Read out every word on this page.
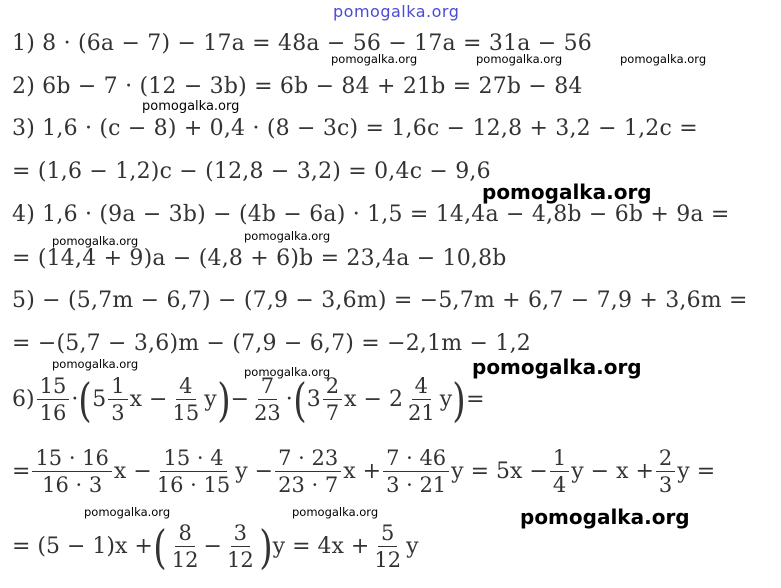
pomogalka.org
1) 8 · (6a − 7) − 17a = 48a − 56 − 17a = 31a − 56
2) 6b − 7 · (12 − 3b) = 6b − 84 + 21b = 27b − 84
3) 1,6 · (c − 8) + 0,4 · (8 − 3c) = 1,6c − 12,8 + 3,2 − 1,2c =
= (1,6 − 1,2)c − (12,8 − 3,2) = 0,4c − 9,6
4) 1,6 · (9a − 3b) − (4b − 6a) · 1,5 = 14,4a − 4,8b − 6b + 9a =
= (14,4 + 9)a − (4,8 + 6)b = 23,4a − 10,8b
5) − (5,7m − 6,7) − (7,9 − 3,6m) = −5,7m + 6,7 − 7,9 + 3,6m =
= −(5,7 − 3,6)m − (7,9 − 6,7) = −2,1m − 1,2
$6) \frac{15}{16}$ · ( $5 \frac{1}{3}$ $x - \frac{4}{15}$ y ) − $\frac{7}{23}$ · ( $3 \frac{2}{7}$ $x - 2 \frac{4}{21}$ y ) =
= $\frac{15 \cdot 16}{16 \cdot 3}$ $x - \frac{15 \cdot 4}{16 \cdot 15}$ $y - \frac{7 \cdot 23}{23 \cdot 7}$ $x + \frac{7 \cdot 46}{3 \cdot 21}$ $y = 5x - \frac{1}{4}$ $y - x + \frac{2}{3}$ y =
= (5 − 1)x + ( $\frac{8}{12} - \frac{3}{12}$ ) $y = 4x + \frac{5}{12}$ y
pomogalka.org	pomogalka.org	pomogalka.org
pomogalka.org
pomogalka.org	pomogalka.org
pomogalka.org
pomogalka.org
pomogalka.org	pomogalka.org
pomogalka.org
pomogalka.org
pomogalka.org
